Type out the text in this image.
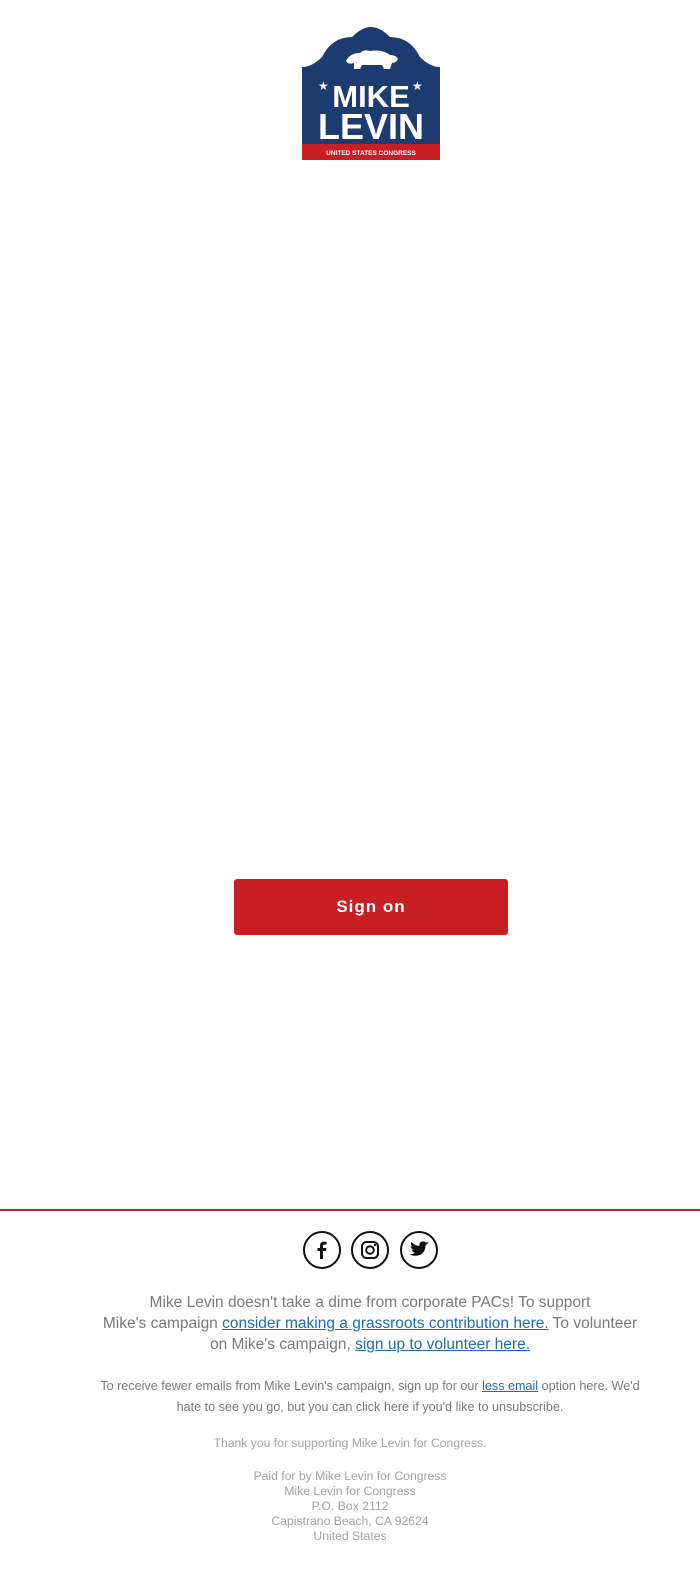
★	★
MIKE
LEVIN
UNITED STATES CONGRESS

Sign on
Mike Levin doesn't take a dime from corporate PACs! To support
Mike's campaign consider making a grassroots contribution here. To volunteer
on Mike's campaign, sign up to volunteer here.
To receive fewer emails from Mike Levin's campaign, sign up for our less email option here. We'd
hate to see you go, but you can click here if you'd like to unsubscribe.
Thank you for supporting Mike Levin for Congress.
Paid for by Mike Levin for Congress
Mike Levin for Congress
P.O. Box 2112
Capistrano Beach, CA 92624
United States
